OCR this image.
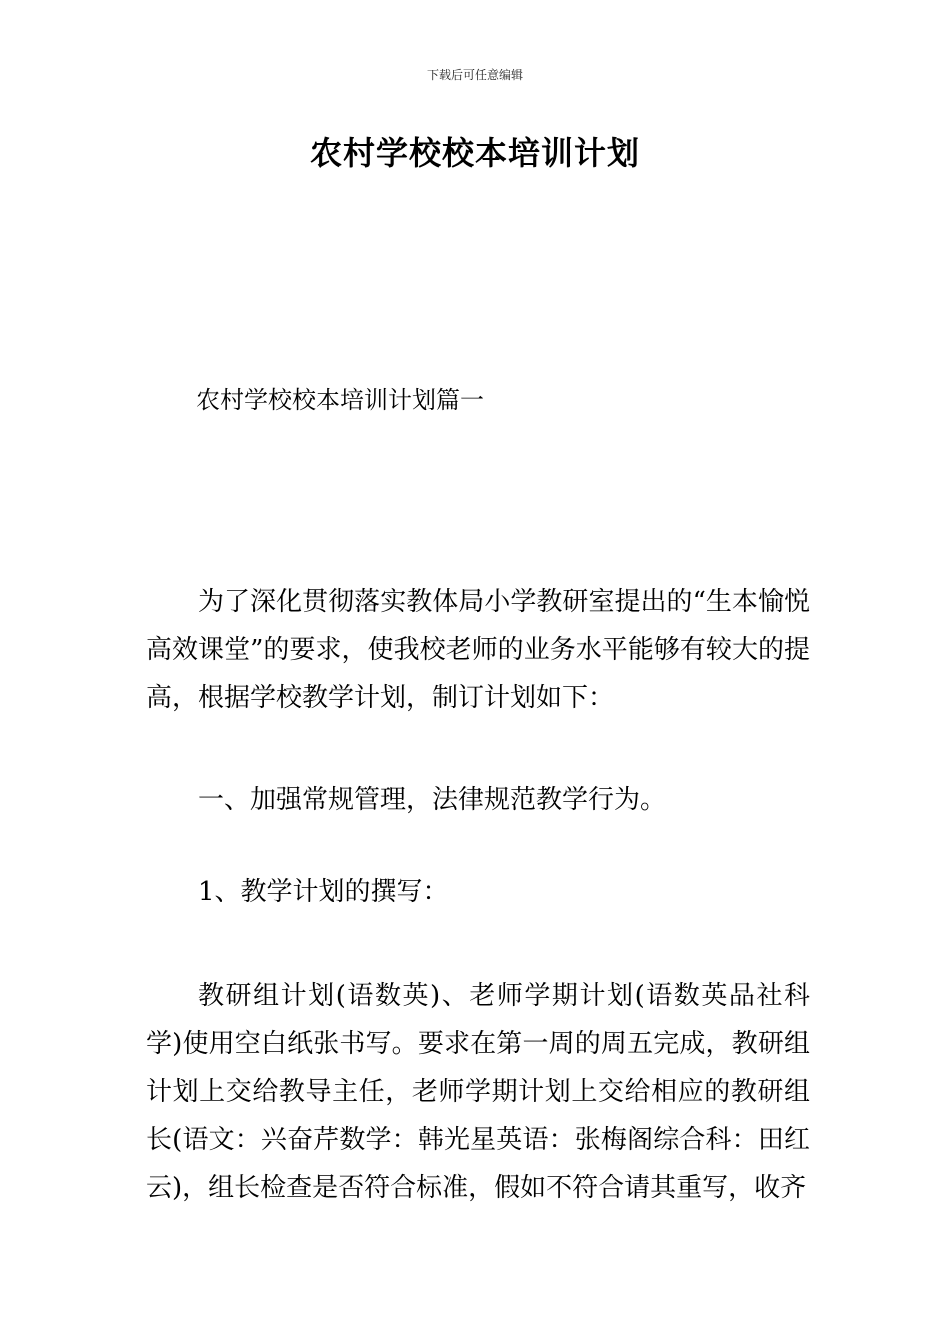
下载后可任意编辑
农村学校校本培训计划
农村学校校本培训计划篇一

为了深化贯彻落实教体局小学教研室提出的“生本愉悦高效课堂”的要求，使我校老师的业务水平能够有较大的提高，根据学校教学计划，制订计划如下：

一、加强常规管理，法律规范教学行为。

1、教学计划的撰写：

教研组计划(语数英)、老师学期计划(语数英品社科学)使用空白纸张书写。要求在第一周的周五完成，教研组计划上交给教导主任，老师学期计划上交给相应的教研组长(语文：兴奋芹数学：韩光星英语：张梅阁综合科：田红云)，组长检查是否符合标准，假如不符合请其重写，收齐
